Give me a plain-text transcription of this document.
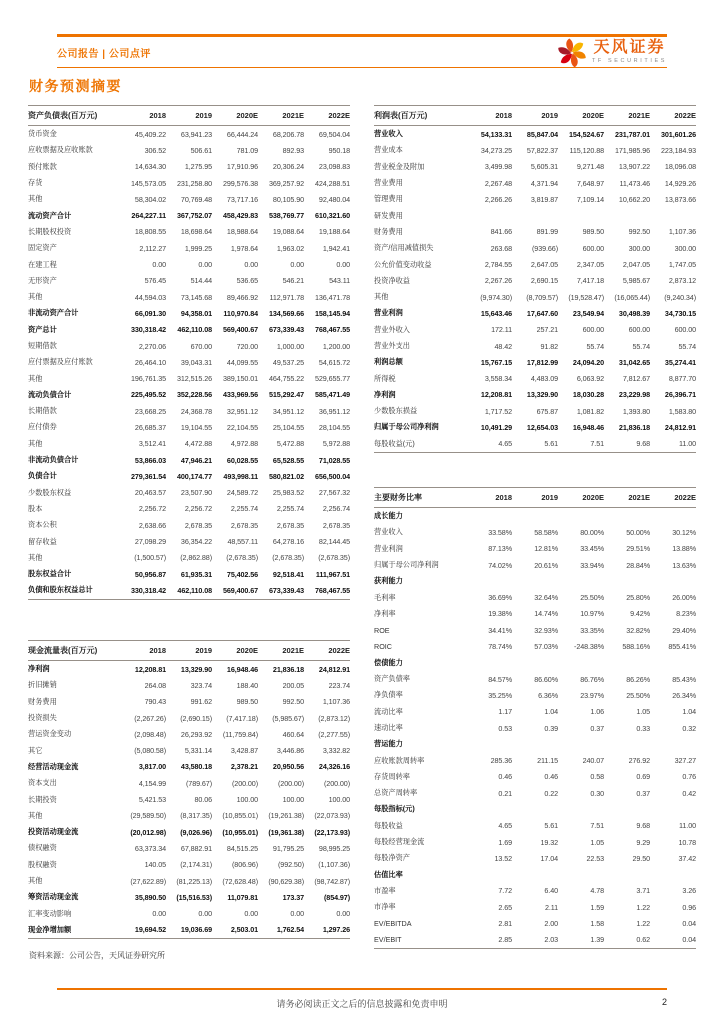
公司报告 | 公司点评	天风证券
TF SECURITIES
财务预测摘要
资产负债表(百万元)	2018	2019	2020E	2021E	2022E
货币资金	45,409.22	63,941.23	66,444.24	68,206.78	69,504.04
应收票据及应收账款	306.52	506.61	781.09	892.93	950.18
预付账款	14,634.30	1,275.95	17,910.96	20,306.24	23,098.83
存货	145,573.05	231,258.80	299,576.38	369,257.92	424,288.51
其他	58,304.02	70,769.48	73,717.16	80,105.90	92,480.04
流动资产合计	264,227.11	367,752.07	458,429.83	538,769.77	610,321.60
长期股权投资	18,808.55	18,698.64	18,988.64	19,088.64	19,188.64
固定资产	2,112.27	1,999.25	1,978.64	1,963.02	1,942.41
在建工程	0.00	0.00	0.00	0.00	0.00
无形资产	576.45	514.44	536.65	546.21	543.11
其他	44,594.03	73,145.68	89,466.92	112,971.78	136,471.78
非流动资产合计	66,091.30	94,358.01	110,970.84	134,569.66	158,145.94
资产总计	330,318.42	462,110.08	569,400.67	673,339.43	768,467.55
短期借款	2,270.06	670.00	720.00	1,000.00	1,200.00
应付票据及应付账款	26,464.10	39,043.31	44,099.55	49,537.25	54,615.72
其他	196,761.35	312,515.26	389,150.01	464,755.22	529,655.77
流动负债合计	225,495.52	352,228.56	433,969.56	515,292.47	585,471.49
长期借款	23,668.25	24,368.78	32,951.12	34,951.12	36,951.12
应付债券	26,685.37	19,104.55	22,104.55	25,104.55	28,104.55
其他	3,512.41	4,472.88	4,972.88	5,472.88	5,972.88
非流动负债合计	53,866.03	47,946.21	60,028.55	65,528.55	71,028.55
负债合计	279,361.54	400,174.77	493,998.11	580,821.02	656,500.04
少数股东权益	20,463.57	23,507.90	24,589.72	25,983.52	27,567.32
股本	2,256.72	2,256.72	2,255.74	2,255.74	2,256.74
资本公积	2,638.66	2,678.35	2,678.35	2,678.35	2,678.35
留存收益	27,098.29	36,354.22	48,557.11	64,278.16	82,144.45
其他	(1,500.57)	(2,862.88)	(2,678.35)	(2,678.35)	(2,678.35)
股东权益合计	50,956.87	61,935.31	75,402.56	92,518.41	111,967.51
负债和股东权益总计	330,318.42	462,110.08	569,400.67	673,339.43	768,467.55
现金流量表(百万元)	2018	2019	2020E	2021E	2022E
净利润	12,208.81	13,329.90	16,948.46	21,836.18	24,812.91
折旧摊销	264.08	323.74	188.40	200.05	223.74
财务费用	790.43	991.62	989.50	992.50	1,107.36
投资损失	(2,267.26)	(2,690.15)	(7,417.18)	(5,985.67)	(2,873.12)
营运资金变动	(2,098.48)	26,293.92	(11,759.84)	460.64	(2,277.55)
其它	(5,080.58)	5,331.14	3,428.87	3,446.86	3,332.82
经营活动现金流	3,817.00	43,580.18	2,378.21	20,950.56	24,326.16
资本支出	4,154.99	(789.67)	(200.00)	(200.00)	(200.00)
长期投资	5,421.53	80.06	100.00	100.00	100.00
其他	(29,589.50)	(8,317.35)	(10,855.01)	(19,261.38)	(22,073.93)
投资活动现金流	(20,012.98)	(9,026.96)	(10,955.01)	(19,361.38)	(22,173.93)
债权融资	63,373.34	67,882.91	84,515.25	91,795.25	98,995.25
股权融资	140.05	(2,174.31)	(806.96)	(992.50)	(1,107.36)
其他	(27,622.89)	(81,225.13)	(72,628.48)	(90,629.38)	(98,742.87)
筹资活动现金流	35,890.50	(15,516.53)	11,079.81	173.37	(854.97)
汇率变动影响	0.00	0.00	0.00	0.00	0.00
现金净增加额	19,694.52	19,036.69	2,503.01	1,762.54	1,297.26
利润表(百万元)	2018	2019	2020E	2021E	2022E
营业收入	54,133.31	85,847.04	154,524.67	231,787.01	301,601.26
营业成本	34,273.25	57,822.37	115,120.88	171,985.96	223,184.93
营业税金及附加	3,499.98	5,605.31	9,271.48	13,907.22	18,096.08
营业费用	2,267.48	4,371.94	7,648.97	11,473.46	14,929.26
管理费用	2,266.26	3,819.87	7,109.14	10,662.20	13,873.66
研发费用					
财务费用	841.66	891.99	989.50	992.50	1,107.36
资产/信用减值损失	263.68	(939.66)	600.00	300.00	300.00
公允价值变动收益	2,784.55	2,647.05	2,347.05	2,047.05	1,747.05
投资净收益	2,267.26	2,690.15	7,417.18	5,985.67	2,873.12
其他	(9,974.30)	(8,709.57)	(19,528.47)	(16,065.44)	(9,240.34)
营业利润	15,643.46	17,647.60	23,549.94	30,498.39	34,730.15
营业外收入	172.11	257.21	600.00	600.00	600.00
营业外支出	48.42	91.82	55.74	55.74	55.74
利润总额	15,767.15	17,812.99	24,094.20	31,042.65	35,274.41
所得税	3,558.34	4,483.09	6,063.92	7,812.67	8,877.70
净利润	12,208.81	13,329.90	18,030.28	23,229.98	26,396.71
少数股东损益	1,717.52	675.87	1,081.82	1,393.80	1,583.80
归属于母公司净利润	10,491.29	12,654.03	16,948.46	21,836.18	24,812.91
每股收益(元)	4.65	5.61	7.51	9.68	11.00
主要财务比率	2018	2019	2020E	2021E	2022E
成长能力					
营业收入	33.58%	58.58%	80.00%	50.00%	30.12%
营业利润	87.13%	12.81%	33.45%	29.51%	13.88%
归属于母公司净利润	74.02%	20.61%	33.94%	28.84%	13.63%
获利能力					
毛利率	36.69%	32.64%	25.50%	25.80%	26.00%
净利率	19.38%	14.74%	10.97%	9.42%	8.23%
ROE	34.41%	32.93%	33.35%	32.82%	29.40%
ROIC	78.74%	57.03%	-248.38%	588.16%	855.41%
偿债能力					
资产负债率	84.57%	86.60%	86.76%	86.26%	85.43%
净负债率	35.25%	6.36%	23.97%	25.50%	26.34%
流动比率	1.17	1.04	1.06	1.05	1.04
速动比率	0.53	0.39	0.37	0.33	0.32
营运能力					
应收账款周转率	285.36	211.15	240.07	276.92	327.27
存货周转率	0.46	0.46	0.58	0.69	0.76
总资产周转率	0.21	0.22	0.30	0.37	0.42
每股指标(元)					
每股收益	4.65	5.61	7.51	9.68	11.00
每股经营现金流	1.69	19.32	1.05	9.29	10.78
每股净资产	13.52	17.04	22.53	29.50	37.42
估值比率					
市盈率	7.72	6.40	4.78	3.71	3.26
市净率	2.65	2.11	1.59	1.22	0.96
EV/EBITDA	2.81	2.00	1.58	1.22	0.04
EV/EBIT	2.85	2.03	1.39	0.62	0.04
资料来源：公司公告，天风证券研究所
请务必阅读正文之后的信息披露和免责申明	2
